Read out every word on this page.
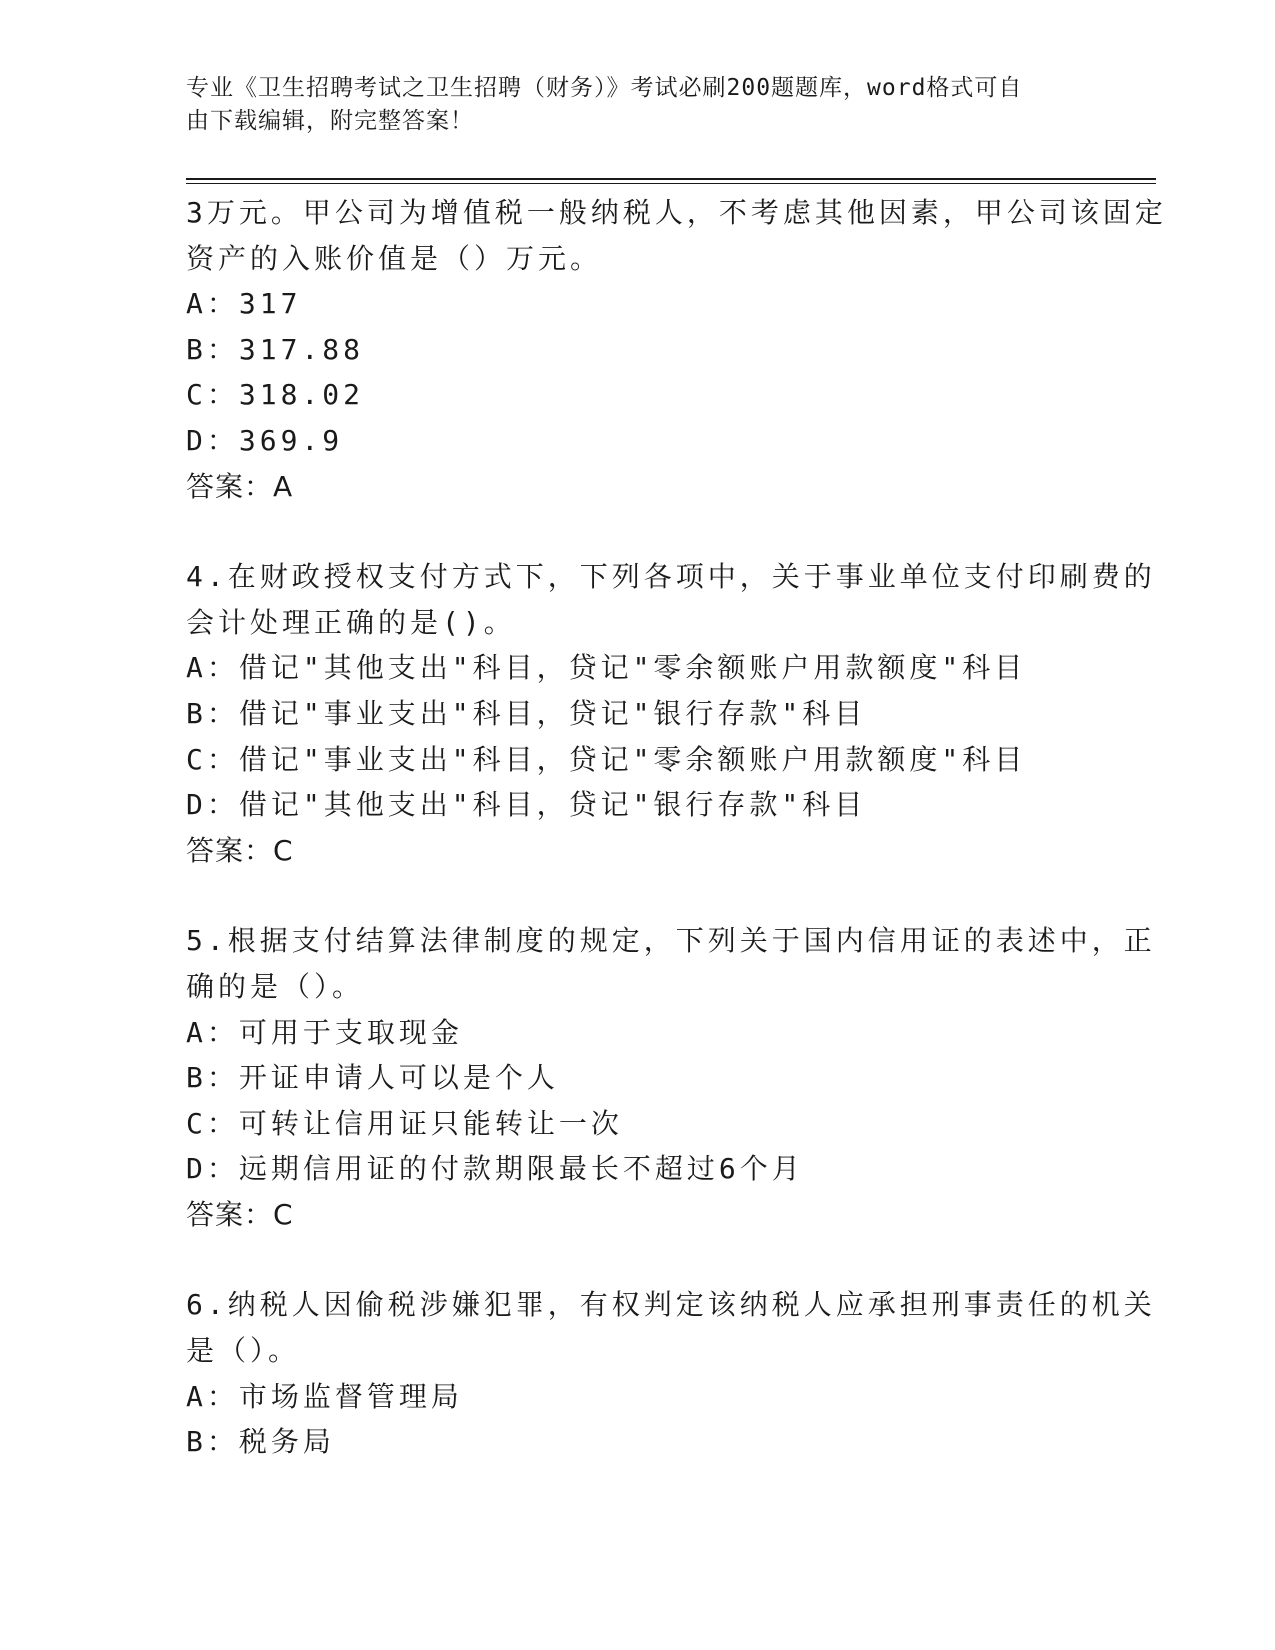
专业《卫生招聘考试之卫生招聘（财务）》考试必刷200题题库，word格式可自
由下载编辑，附完整答案！
3万元。甲公司为增值税一般纳税人，不考虑其他因素，甲公司该固定
资产的入账价值是（）万元。
A：317
B：317.88
C：318.02
D：369.9
答案：A
4.在财政授权支付方式下，下列各项中，关于事业单位支付印刷费的
会计处理正确的是()。
A：借记"其他支出"科目，贷记"零余额账户用款额度"科目
B：借记"事业支出"科目，贷记"银行存款"科目
C：借记"事业支出"科目，贷记"零余额账户用款额度"科目
D：借记"其他支出"科目，贷记"银行存款"科目
答案：C
5.根据支付结算法律制度的规定，下列关于国内信用证的表述中，正
确的是（）。
A：可用于支取现金
B：开证申请人可以是个人
C：可转让信用证只能转让一次
D：远期信用证的付款期限最长不超过6个月
答案：C
6.纳税人因偷税涉嫌犯罪，有权判定该纳税人应承担刑事责任的机关
是（）。
A：市场监督管理局
B：税务局
